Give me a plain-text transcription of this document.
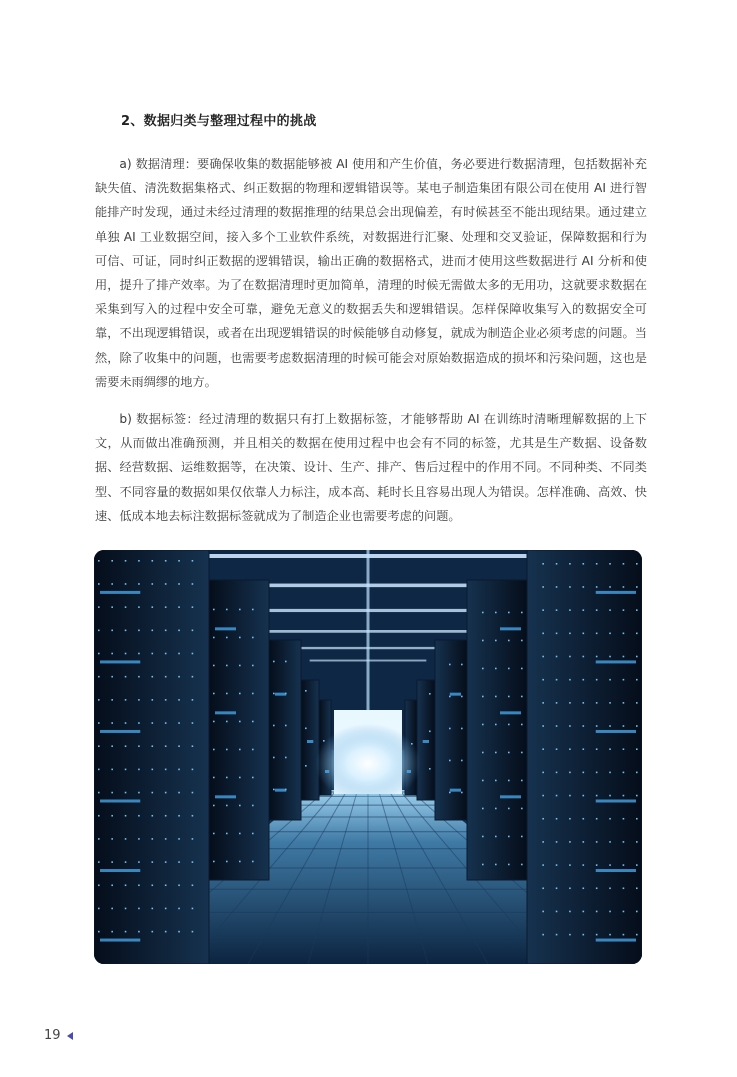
2、数据归类与整理过程中的挑战

a) 数据清理：要确保收集的数据能够被 AI 使用和产生价值，务必要进行数据清理，包括数据补充缺失值、清洗数据集格式、纠正数据的物理和逻辑错误等。某电子制造集团有限公司在使用 AI 进行智能排产时发现，通过未经过清理的数据推理的结果总会出现偏差，有时候甚至不能出现结果。通过建立单独 AI 工业数据空间，接入多个工业软件系统，对数据进行汇聚、处理和交叉验证，保障数据和行为可信、可证，同时纠正数据的逻辑错误，输出正确的数据格式，进而才使用这些数据进行 AI 分析和使用，提升了排产效率。为了在数据清理时更加简单，清理的时候无需做太多的无用功，这就要求数据在采集到写入的过程中安全可靠，避免无意义的数据丢失和逻辑错误。怎样保障收集写入的数据安全可靠，不出现逻辑错误，或者在出现逻辑错误的时候能够自动修复，就成为制造企业必须考虑的问题。当然，除了收集中的问题，也需要考虑数据清理的时候可能会对原始数据造成的损坏和污染问题，这也是需要未雨绸缪的地方。

b) 数据标签：经过清理的数据只有打上数据标签，才能够帮助 AI 在训练时清晰理解数据的上下文，从而做出准确预测，并且相关的数据在使用过程中也会有不同的标签，尤其是生产数据、设备数据、经营数据、运维数据等，在决策、设计、生产、排产、售后过程中的作用不同。不同种类、不同类型、不同容量的数据如果仅依靠人力标注，成本高、耗时长且容易出现人为错误。怎样准确、高效、快速、低成本地去标注数据标签就成为了制造企业也需要考虑的问题。

19
